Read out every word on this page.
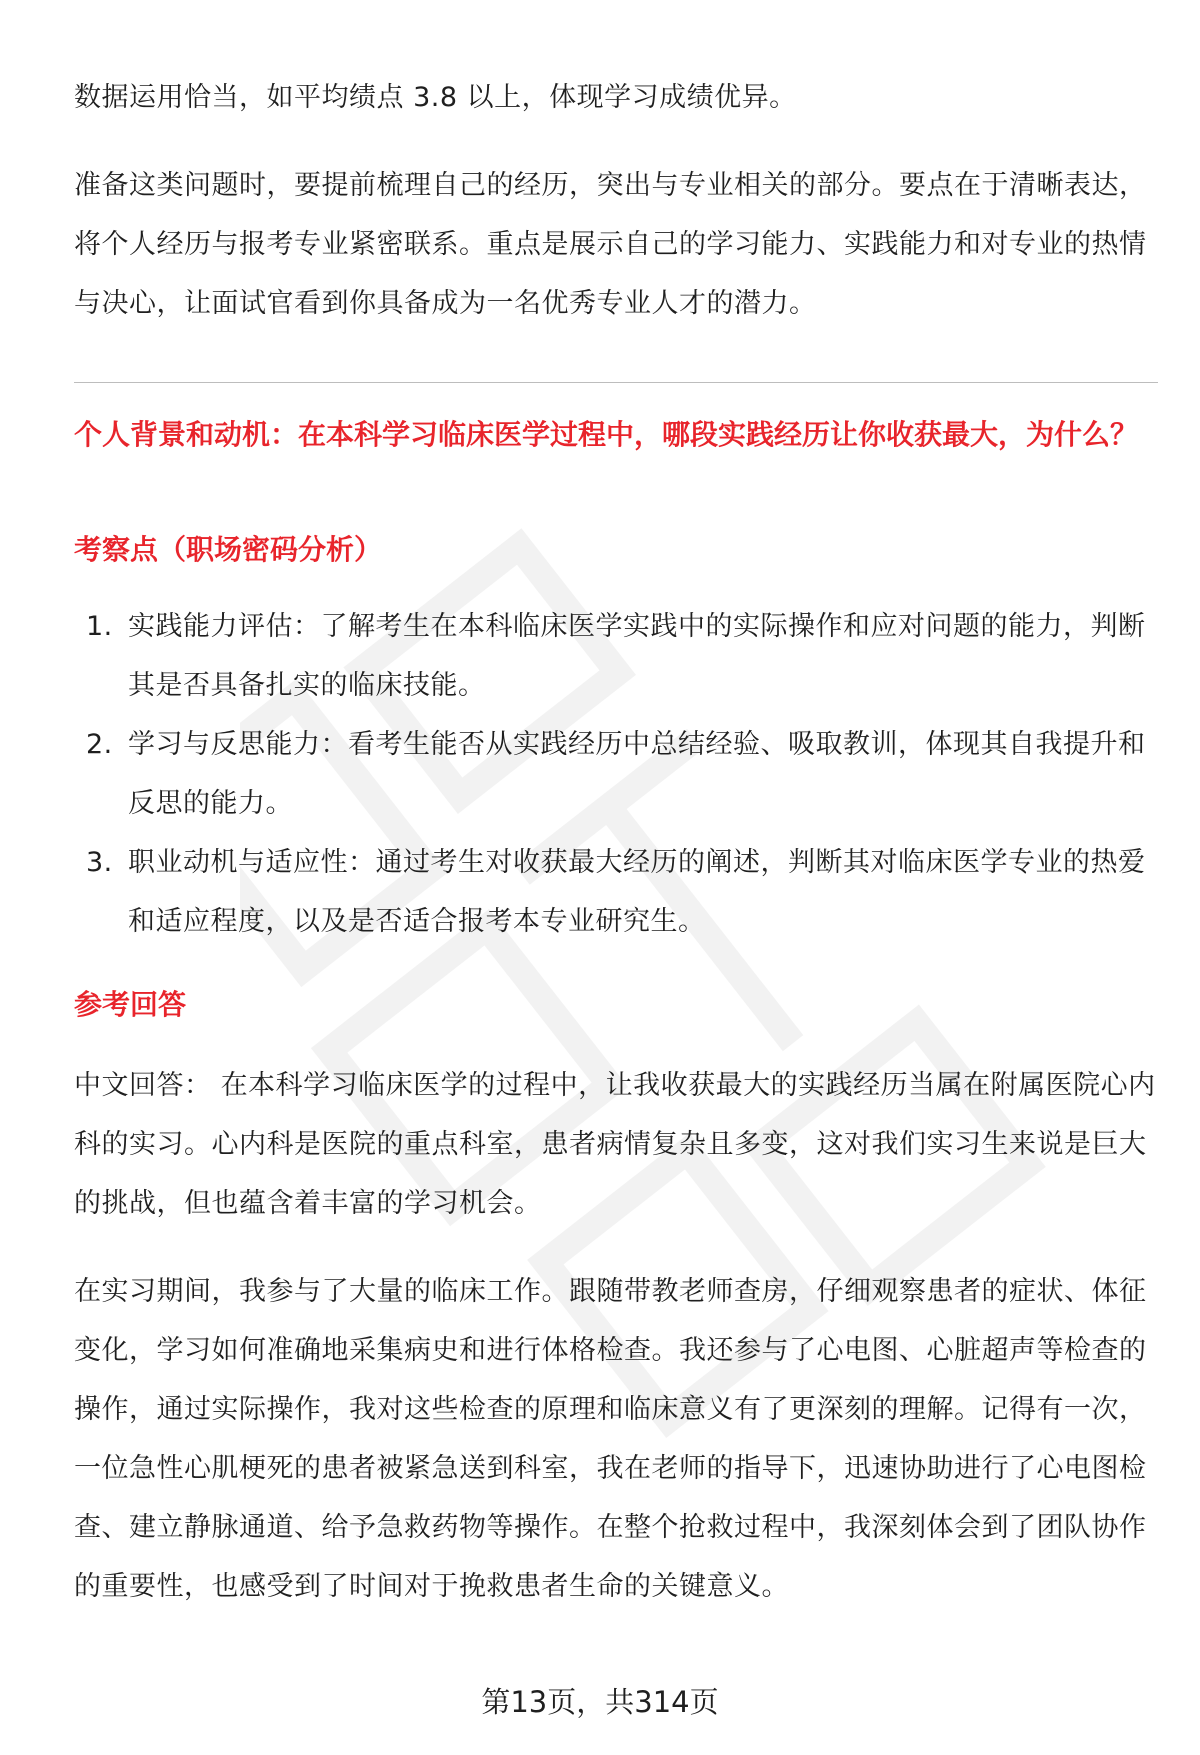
数据运用恰当，如平均绩点 3.8 以上，体现学习成绩优异。

准备这类问题时，要提前梳理自己的经历，突出与专业相关的部分。要点在于清晰表达，将个人经历与报考专业紧密联系。重点是展示自己的学习能力、实践能力和对专业的热情与决心，让面试官看到你具备成为一名优秀专业人才的潜力。

个人背景和动机：在本科学习临床医学过程中，哪段实践经历让你收获最大，为什么？

考察点（职场密码分析）

1. 实践能力评估：了解考生在本科临床医学实践中的实际操作和应对问题的能力，判断其是否具备扎实的临床技能。
2. 学习与反思能力：看考生能否从实践经历中总结经验、吸取教训，体现其自我提升和反思的能力。
3. 职业动机与适应性：通过考生对收获最大经历的阐述，判断其对临床医学专业的热爱和适应程度，以及是否适合报考本专业研究生。

参考回答

中文回答： 在本科学习临床医学的过程中，让我收获最大的实践经历当属在附属医院心内科的实习。心内科是医院的重点科室，患者病情复杂且多变，这对我们实习生来说是巨大的挑战，但也蕴含着丰富的学习机会。

在实习期间，我参与了大量的临床工作。跟随带教老师查房，仔细观察患者的症状、体征变化，学习如何准确地采集病史和进行体格检查。我还参与了心电图、心脏超声等检查的操作，通过实际操作，我对这些检查的原理和临床意义有了更深刻的理解。记得有一次，一位急性心肌梗死的患者被紧急送到科室，我在老师的指导下，迅速协助进行了心电图检查、建立静脉通道、给予急救药物等操作。在整个抢救过程中，我深刻体会到了团队协作的重要性，也感受到了时间对于挽救患者生命的关键意义。

第13页，共314页
